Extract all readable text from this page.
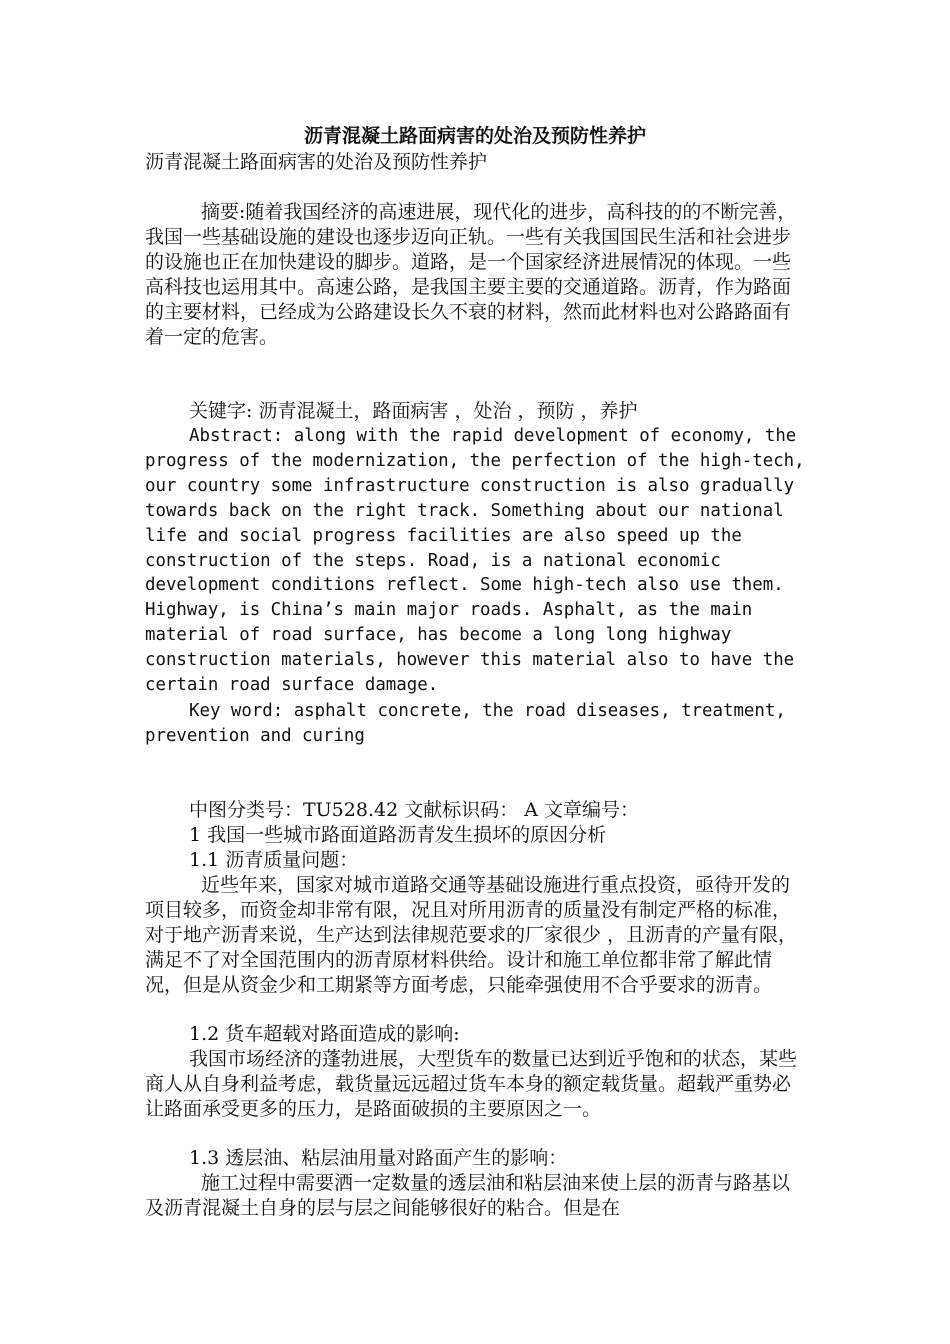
沥青混凝土路面病害的处治及预防性养护

沥青混凝土路面病害的处治及预防性养护

摘要:随着我国经济的高速进展，现代化的进步，高科技的的不断完善，我国一些基础设施的建设也逐步迈向正轨。一些有关我国国民生活和社会进步的设施也正在加快建设的脚步。道路，是一个国家经济进展情况的体现。一些高科技也运用其中。高速公路，是我国主要主要的交通道路。沥青，作为路面的主要材料，已经成为公路建设长久不衰的材料，然而此材料也对公路路面有着一定的危害。

关键字: 沥青混凝土，路面病害 ，处治 ，预防 ，养护

Abstract: along with the rapid development of economy, the progress of the modernization, the perfection of the high-tech, our country some infrastructure construction is also gradually towards back on the right track. Something about our national life and social progress facilities are also speed up the construction of the steps. Road, is a national economic development conditions reflect. Some high-tech also use them. Highway, is China’s main major roads. Asphalt, as the main material of road surface, has become a long long highway construction materials, however this material also to have the certain road surface damage.

Key word: asphalt concrete, the road diseases, treatment, prevention and curing

中图分类号：TU528.42 文献标识码： A 文章编号：

1 我国一些城市路面道路沥青发生损坏的原因分析

1.1 沥青质量问题：

近些年来，国家对城市道路交通等基础设施进行重点投资，亟待开发的项目较多，而资金却非常有限，况且对所用沥青的质量没有制定严格的标准，对于地产沥青来说，生产达到法律规范要求的厂家很少 ，且沥青的产量有限，满足不了对全国范围内的沥青原材料供给。设计和施工单位都非常了解此情况，但是从资金少和工期紧等方面考虑，只能牵强使用不合乎要求的沥青。

1.2 货车超载对路面造成的影响:

我国市场经济的蓬勃进展，大型货车的数量已达到近乎饱和的状态，某些商人从自身利益考虑，载货量远远超过货车本身的额定载货量。超载严重势必让路面承受更多的压力，是路面破损的主要原因之一。

1.3 透层油、粘层油用量对路面产生的影响：

施工过程中需要洒一定数量的透层油和粘层油来使上层的沥青与路基以及沥青混凝土自身的层与层之间能够很好的粘合。但是在
